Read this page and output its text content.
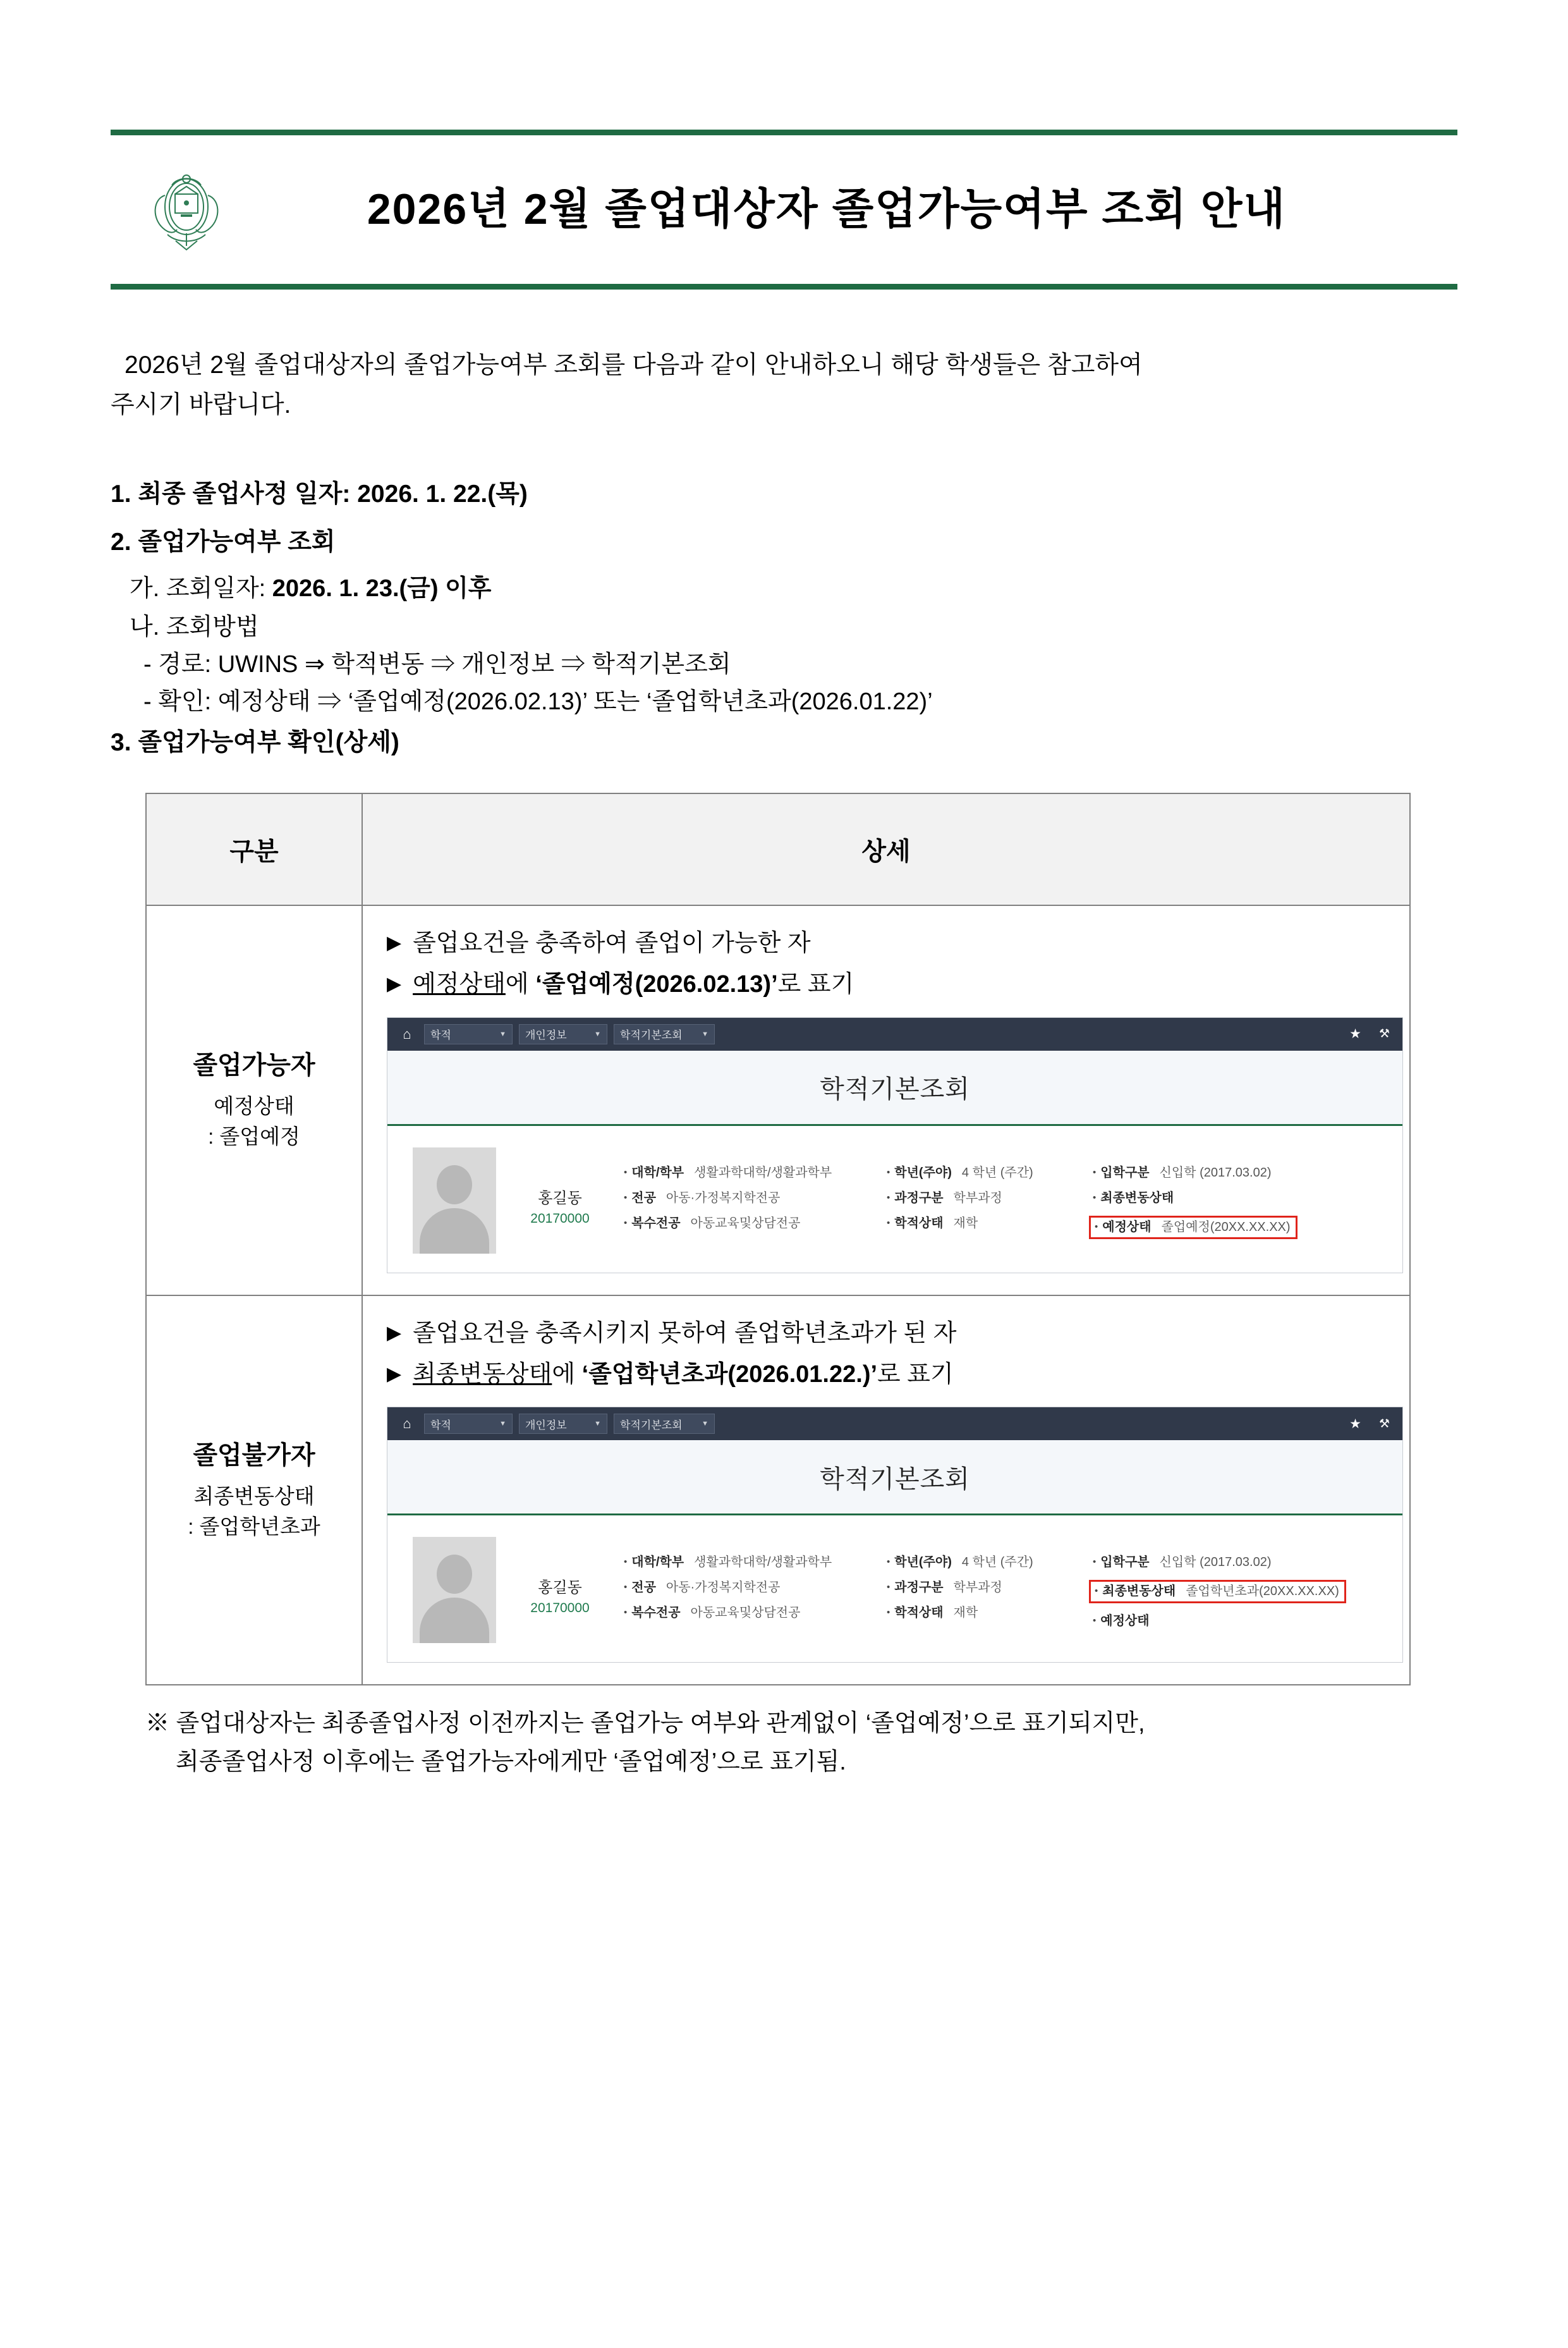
2026년 2월 졸업대상자 졸업가능여부 조회 안내

2026년 2월 졸업대상자의 졸업가능여부 조회를 다음과 같이 안내하오니 해당 학생들은 참고하여

주시기 바랍니다.

1. 최종 졸업사정 일자: 2026. 1. 22.(목)
2. 졸업가능여부 조회
가. 조회일자: 2026. 1. 23.(금) 이후
나. 조회방법
- 경로: UWINS ⇒ 학적변동 ⇒ 개인정보 ⇒ 학적기본조회
- 확인: 예정상태 ⇒ ‘졸업예정(2026.02.13)’ 또는 ‘졸업학년초과(2026.01.22)’
3. 졸업가능여부 확인(상세)
구분	상세

졸업가능자
예정상태
: 졸업예정

▶ 졸업요건을 충족하여 졸업이 가능한 자
▶ 예정상태에 ‘졸업예정(2026.02.13)’로 표기
⌂	학적	▼ 개인정보	▼ 학적기본조회	▼	★ ⚒
학적기본조회
홍길동
20170000
• 대학/학부 생활과학대학/생활과학부
• 전공 아동·가정복지학전공
• 복수전공 아동교육및상담전공
• 학년(주야) 4 학년 (주간)
• 과정구분 학부과정
• 학적상태 재학
• 입학구분 신입학 (2017.03.02)
• 최종변동상태
• 예정상태 졸업예정(20XX.XX.XX)

졸업불가자
최종변동상태
: 졸업학년초과

▶ 졸업요건을 충족시키지 못하여 졸업학년초과가 된 자
▶ 최종변동상태에 ‘졸업학년초과(2026.01.22.)’로 표기
⌂	학적	▼ 개인정보	▼ 학적기본조회	▼	★ ⚒
학적기본조회
홍길동
20170000
• 대학/학부 생활과학대학/생활과학부
• 전공 아동·가정복지학전공
• 복수전공 아동교육및상담전공
• 학년(주야) 4 학년 (주간)
• 과정구분 학부과정
• 학적상태 재학
• 입학구분 신입학 (2017.03.02)
• 최종변동상태 졸업학년초과(20XX.XX.XX)
• 예정상태
※ 졸업대상자는 최종졸업사정 이전까지는 졸업가능 여부와 관계없이 ‘졸업예정’으로 표기되지만,
최종졸업사정 이후에는 졸업가능자에게만 ‘졸업예정’으로 표기됨.
